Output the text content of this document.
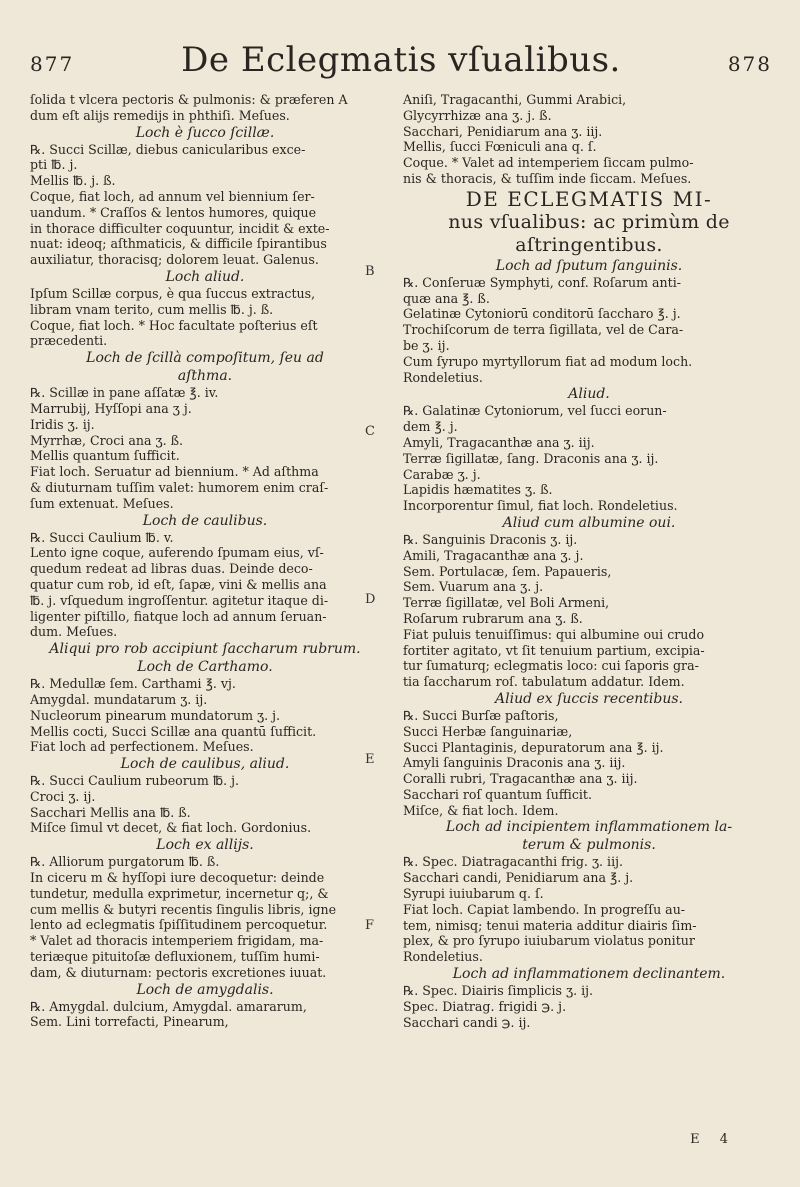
877	De Eclegmatis vſualibus.	878

ſolida t vlcera pectoris & pulmonis: & præferen A

dum eſt alijs remedijs in phthiſi. Meſues.

Loch è ſucco ſcillæ.

℞. Succi Scillæ, diebus canicularibus exce-

pti ℔. j.

Mellis ℔. j. ß.

Coque, fiat loch, ad annum vel biennium ſer-

uandum. * Craſſos & lentos humores, quique

in thorace difficulter coquuntur, incidit & exte-

nuat: ideoq; aſthmaticis, & difficile ſpirantibus

auxiliatur, thoracisq; dolorem leuat. Galenus.

Loch aliud.

Ipſum Scillæ corpus, è qua ſuccus extractus,

libram vnam terito, cum mellis ℔. j. ß.

Coque, fiat loch. * Hoc facultate poſterius eſt

præcedenti.

Loch de ſcillà compoſitum, ſeu ad

aſthma.

℞. Scillæ in pane aſſatæ ℥. iv.

Marrubij, Hyſſopi ana ʒ j.

Iridis ʒ. ij.

Myrrhæ, Croci ana ʒ. ß.

Mellis quantum ſufficit.

Fiat loch. Seruatur ad biennium. * Ad aſthma

& diuturnam tuſſim valet: humorem enim craſ-

ſum extenuat. Meſues.

Loch de caulibus.

℞. Succi Caulium ℔. v.

Lento igne coque, auferendo ſpumam eius, vſ-

quedum redeat ad libras duas. Deinde deco-

quatur cum rob, id eſt, ſapæ, vini & mellis ana

℔. j. vſquedum ingroſſentur. agitetur itaque di-

ligenter piſtillo, fiatque loch ad annum ſeruan-

dum. Meſues.

Aliqui pro rob accipiunt ſaccharum rubrum.

Loch de Carthamo.

℞. Medullæ ſem. Carthami ℥. vj.

Amygdal. mundatarum ʒ. ij.

Nucleorum pinearum mundatorum ʒ. j.

Mellis cocti, Succi Scillæ ana quantū ſufficit.

Fiat loch ad perfectionem. Meſues.

Loch de caulibus, aliud.

℞. Succi Caulium rubeorum ℔. j.

Croci ʒ. ij.

Sacchari Mellis ana ℔. ß.

Miſce ſimul vt decet, & fiat loch. Gordonius.

Loch ex allijs.

℞. Alliorum purgatorum ℔. ß.

In ciceru m & hyſſopi iure decoquetur: deinde

tundetur, medulla exprimetur, incernetur q;, &

cum mellis & butyri recentis ſingulis libris, igne

lento ad eclegmatis ſpiſſitudinem percoquetur.

* Valet ad thoracis intemperiem frigidam, ma-

teriæque pituitoſæ defluxionem, tuſſim humi-

dam, & diuturnam: pectoris excretiones iuuat.

Loch de amygdalis.

℞. Amygdal. dulcium, Amygdal. amararum,

Sem. Lini torrefacti, Pinearum,

Aniſi, Tragacanthi, Gummi Arabici,

Glycyrrhizæ ana ʒ. j. ß.

Sacchari, Penidiarum ana ʒ. iij.

Mellis, ſucci Fœniculi ana q. ſ.

Coque. * Valet ad intemperiem ſiccam pulmo-

nis & thoracis, & tuſſim inde ſiccam. Meſues.

DE ECLEGMATIS MI-

nus vſualibus: ac primùm de

aſtringentibus.

Loch ad ſputum ſanguinis.

℞. Conſeruæ Symphyti, conf. Roſarum anti-

quæ ana ℥. ß.

Gelatinæ Cytoniorū conditorū ſaccharo ℥. j.

Trochiſcorum de terra ſigillata, vel de Cara-

be ʒ. ij.

Cum ſyrupo myrtyllorum fiat ad modum loch.

Rondeletius.

Aliud.

℞. Galatinæ Cytoniorum, vel ſucci eorun-

dem ℥. j.

Amyli, Tragacanthæ ana ʒ. iij.

Terræ ſigillatæ, ſang. Draconis ana ʒ. ij.

Carabæ ʒ. j.

Lapidis hæmatites ʒ. ß.

Incorporentur ſimul, fiat loch. Rondeletius.

Aliud cum albumine oui.

℞. Sanguinis Draconis ʒ. ij.

Amili, Tragacanthæ ana ʒ. j.

Sem. Portulacæ, ſem. Papaueris,

Sem. Vuarum ana ʒ. j.

Terræ ſigillatæ, vel Boli Armeni,

Roſarum rubrarum ana ʒ. ß.

Fiat puluis tenuiſſimus: qui albumine oui crudo

fortiter agitato, vt ſit tenuium partium, excipia-

tur ſumaturq; eclegmatis loco: cui ſaporis gra-

tia ſaccharum roſ. tabulatum addatur. Idem.

Aliud ex ſuccis recentibus.

℞. Succi Burſæ paſtoris,

Succi Herbæ ſanguinariæ,

Succi Plantaginis, depuratorum ana ℥. ij.

Amyli ſanguinis Draconis ana ʒ. iij.

Coralli rubri, Tragacanthæ ana ʒ. iij.

Sacchari roſ quantum ſufficit.

Miſce, & fiat loch. Idem.

Loch ad incipientem inflammationem la-

terum & pulmonis.

℞. Spec. Diatragacanthi frig. ʒ. iij.

Sacchari candi, Penidiarum ana ℥. j.

Syrupi iuiubarum q. ſ.

Fiat loch. Capiat lambendo. In progreſſu au-

tem, nimisq; tenui materia additur diairis ſim-

plex, & pro ſyrupo iuiubarum violatus ponitur

Rondeletius.

Loch ad inflammationem declinantem.

℞. Spec. Diairis ſimplicis ʒ. ij.

Spec. Diatrag. frigidi ℈. j.

Sacchari candi ℈. ij.

B
C
D
E
F
E 4
